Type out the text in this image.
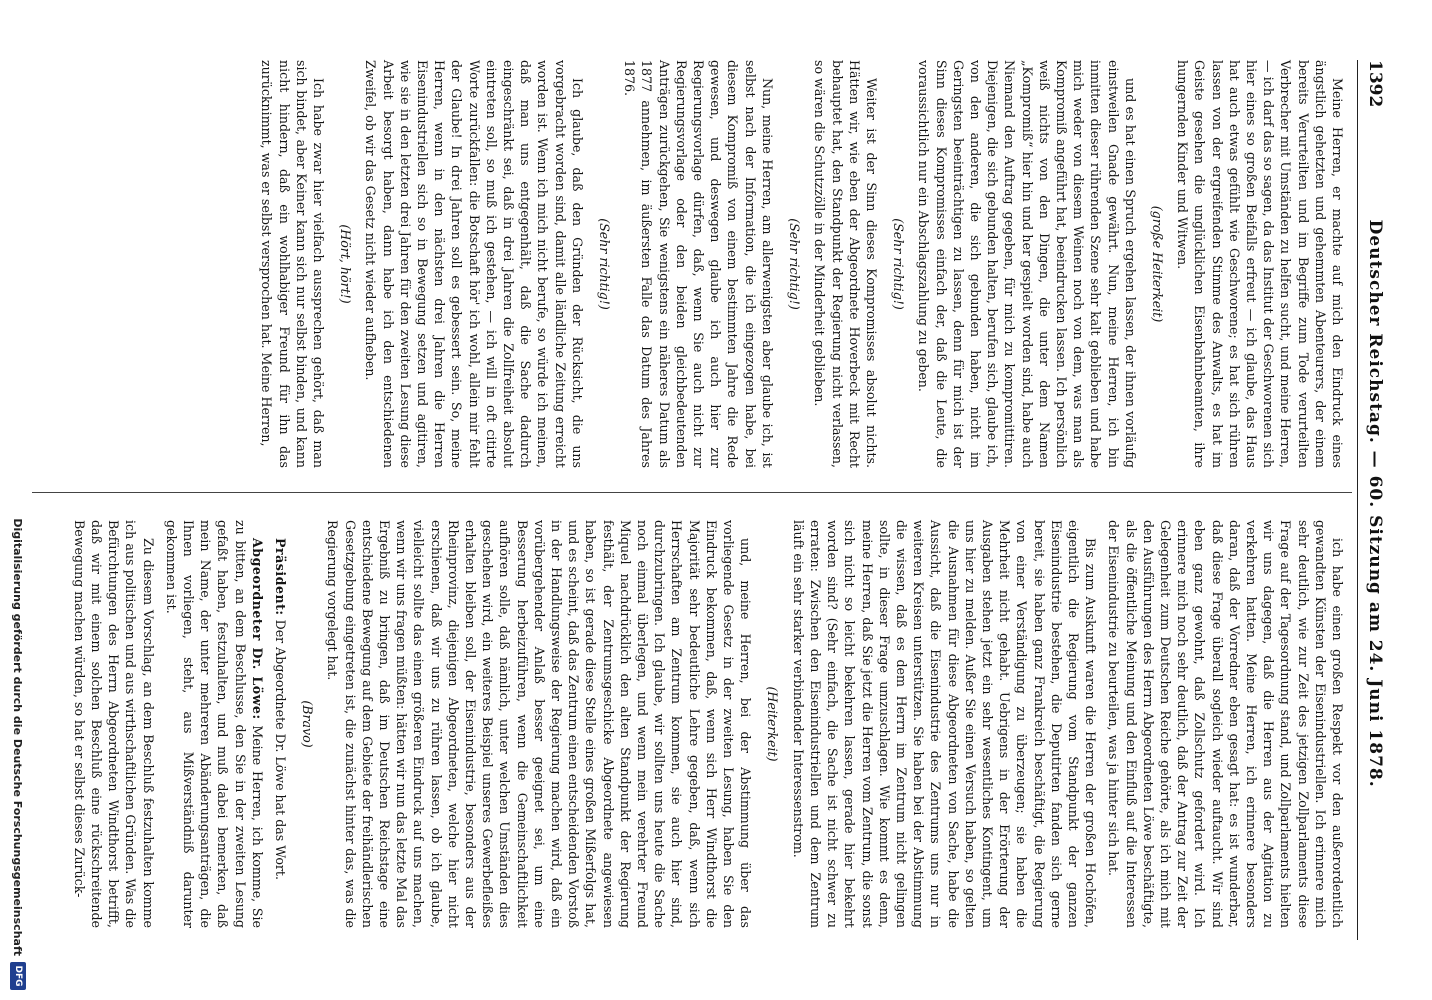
1392
Deutscher Reichstag. — 60. Sitzung am 24. Juni 1878.

Meine Herren, er machte auf mich den Eindruck eines ängstlich gehetzten und gehemmten Abenteurers, der einem bereits Verurteilten und im Begriffe zum Tode verurteilten Verbrecher mit Umständen zu helfen sucht, und meine Herren, — ich darf das so sagen, da das Institut der Geschworenen sich hier eines so großen Beifalls erfreut — ich glaube, das Haus hat auch etwas gefühlt wie Geschworene; es hat sich rühren lassen von der ergreifenden Stimme des Anwalts, es hat im Geiste gesehen die unglücklichen Eisenbahnbeamten, ihre hungernden Kinder und Witwen.

(große Heiterkeit)

und es hat einen Spruch ergehen lassen, der ihnen vorläufig einstweilen Gnade gewährt. Nun, meine Herren, ich bin inmitten dieser rührenden Szene sehr kalt geblieben und habe mich weder von diesem Weinen noch von dem, was man als Kompromiß angeführt hat, beeindrucken lassen. Ich persönlich weiß nichts von den Dingen, die unter dem Namen „Kompromiß“ hier hin und her gespielt worden sind, habe auch Niemand den Auftrag gegeben, für mich zu kompromittiren. Diejenigen, die sich gebunden halten, berufen sich, glaube ich, von den anderen, die sich gebunden haben, nicht im Geringsten beeinträchtigen zu lassen, denn für mich ist der Sinn dieses Kompromisses einfach der, daß die Leute, die voraussichtlich nur ein Abschlagszahlung zu geben.

(Sehr richtig!)

Weiter ist der Sinn dieses Kompromisses absolut nichts. Hätten wir, wie eben der Abgeordnete Hoverbeck mit Recht behauptet hat, den Standpunkt der Regierung nicht verlassen, so wären die Schutzzölle in der Minderheit geblieben.

(Sehr richtig!)

Nun, meine Herren, am allerwenigsten aber glaube ich, ist selbst nach der Information, die ich eingezogen habe, bei diesem Kompromiß von einem bestimmten Jahre die Rede gewesen, und deswegen glaube ich auch hier zur Regierungsvorlage dürfen, daß, wenn Sie auch nicht zur Regierungsvorlage oder den beiden gleichbedeutenden Anträgen zurückgehen, Sie wenigstens ein näheres Datum als 1877 annehmen, im äußersten Falle das Datum des Jahres 1876.

(Sehr richtig!)

Ich glaube, daß den Gründen der Rücksicht, die uns vorgebracht worden sind, damit alle ländliche Zeitung erreicht worden ist. Wenn ich mich nicht berufe, so würde ich meinen, daß man uns entgegenhält, daß die Sache dadurch eingeschränkt sei, daß in drei Jahren die Zollfreiheit absolut eintreten soll, so muß ich gestehen, — ich will in oft citirte Worte zurückfallen: die Botschaft hör' ich wohl, allein mir fehlt der Glaube! In drei Jahren soll es gebessert sein. So, meine Herren, wenn in den nächsten drei Jahren die Herren Eisenindustriellen sich so in Bewegung setzen und agitiren, wie sie in den letzten drei Jahren für den zweiten Lesung diese Arbeit besorgt haben, dann habe ich den entschiedenen Zweifel, ob wir das Gesetz nicht wieder aufheben.

(Hört, hört!)

Ich habe zwar hier vielfach aussprechen gehört, daß man sich bindet, aber Keiner kann sich nur selbst binden, und kann nicht hindern, daß ein wohlhabiger Freund für ihn das zurücknimmt, was er selbst versprochen hat. Meine Herren,

ich habe einen großen Respekt vor den außerordentlich gewandten Künsten der Eisenindustriellen. Ich erinnere mich sehr deutlich, wie zur Zeit des jetzigen Zollparlaments diese Frage auf der Tagesordnung stand, und Zollparlaments hielten wir uns dagegen, daß die Herren aus der Agitation zu verkehren hatten. Meine Herren, ich erinnere besonders daran, daß der Vorredner eben gesagt hat: es ist wunderbar, daß diese Frage überall sogleich wieder auftaucht. Wir sind eben ganz gewohnt, daß Zollschutz gefordert wird. Ich erinnere mich noch sehr deutlich, daß der Antrag zur Zeit der Gelegenheit zum Deutschen Reiche gehörte, als ich mich mit den Ausführungen des Herrn Abgeordneten Löwe beschäftigte, als die öffentliche Meinung und den Einfluß auf die Interessen der Eisenindustrie zu beurteilen, was ja hinter sich hat.

Bis zum Auskunft waren die Herren der großen Hochöfen, eigentlich die Regierung vom Standpunkt der ganzen Eisenindustrie bestehen, die Deputirten fanden sich gerne bereit, sie haben ganz Frankreich beschäftigt, die Regierung von einer Verständigung zu überzeugen; sie haben die Mehrheit nicht gehabt. Uebrigens in der Erörterung der Ausgaben stehen jetzt ein sehr wesentliches Kontingent, um uns hier zu melden. Außer Sie einen Versuch haben, so gelten die Ausnahmen für diese Abgeordneten von Sache, habe die Aussicht, daß die Eisenindustrie des Zentrums uns nur in weiteren Kreisen unterstützen. Sie haben bei der Abstimmung die wissen, daß es dem Herrn im Zentrum nicht gelingen sollte, in dieser Frage umzuschlagen. Wie kommt es denn, meine Herren, daß Sie jetzt die Herren vom Zentrum, die sonst sich nicht so leicht bekehren lassen, gerade hier bekehrt worden sind? (Sehr einfach, die Sache ist nicht schwer zu erraten: Zwischen den Eisenindustriellen und dem Zentrum läuft ein sehr starker verbindender Interessenstrom.

(Heiterkeit)

und, meine Herren, bei der Abstimmung über das vorliegende Gesetz in der zweiten Lesung, haben Sie den Eindruck bekommen, daß, wenn sich Herr Windthorst die Majorität sehr bedeutliche Lehre gegeben, daß, wenn sich Herrschaften am Zentrum kommen, sie auch hier sind, durchzubringen. Ich glaube, wir sollten uns heute die Sache noch einmal überlegen, und wenn mein verehrter Freund Miquel nachdrücklich den alten Standpunkt der Regierung festhält, der Zentrumsgeschicke Abgeordnete angewiesen haben, so ist gerade diese Stelle eines großen Mißerfolgs hat, und es scheint, daß das Zentrum einen entscheidenden Vorstoß in der Handlungsweise der Regierung machen wird, daß ein vorübergehender Anlaß besser geeignet sei, um eine Besserung herbeizuführen, wenn die Gemeinschaftlichkeit aufhören solle, daß nämlich, unter welchen Umständen dies geschehen wird, ein weiteres Beispiel unseres Gewerbefleißes erhalten bleiben soll, der Eisenindustrie, besonders aus der Rheinprovinz, diejenigen Abgeordneten, welche hier nicht erschienen, daß wir uns zu rühren lassen, ob ich glaube, vielleicht sollte das einen größeren Eindruck auf uns machen, wenn wir uns fragen müßten: hätten wir nun das letzte Mal das Ergebniß zu bringen, daß im Deutschen Reichstage eine entschiedene Bewegung auf dem Gebiete der freihändlerischen Gesetzgebung eingetreten ist, die zunächst hinter das, was die Regierung vorgelegt hat.

(Bravo)

Präsident: Der Abgeordnete Dr. Löwe hat das Wort.

Abgeordneter Dr. Löwe: Meine Herren, ich komme, Sie zu bitten, an dem Beschlusse, den Sie in der zweiten Lesung gefaßt haben, festzuhalten, und muß dabei bemerken, daß mein Name, der unter mehreren Abänderungsanträgen, die Ihnen vorliegen, steht, aus Mißverständniß darunter gekommen ist.

Zu diesem Vorschlag, an dem Beschluß festzuhalten komme ich aus politischen und aus wirthschaftlichen Gründen. Was die Befürchtungen des Herrn Abgeordneten Windthorst betrifft, daß wir mit einem solchen Beschluß eine rückschreitende Bewegung machen würden, so hat er selbst dieses Zurück-

Digitalisierung gefördert durch die Deutsche Forschungsgemeinschaft
DFG
